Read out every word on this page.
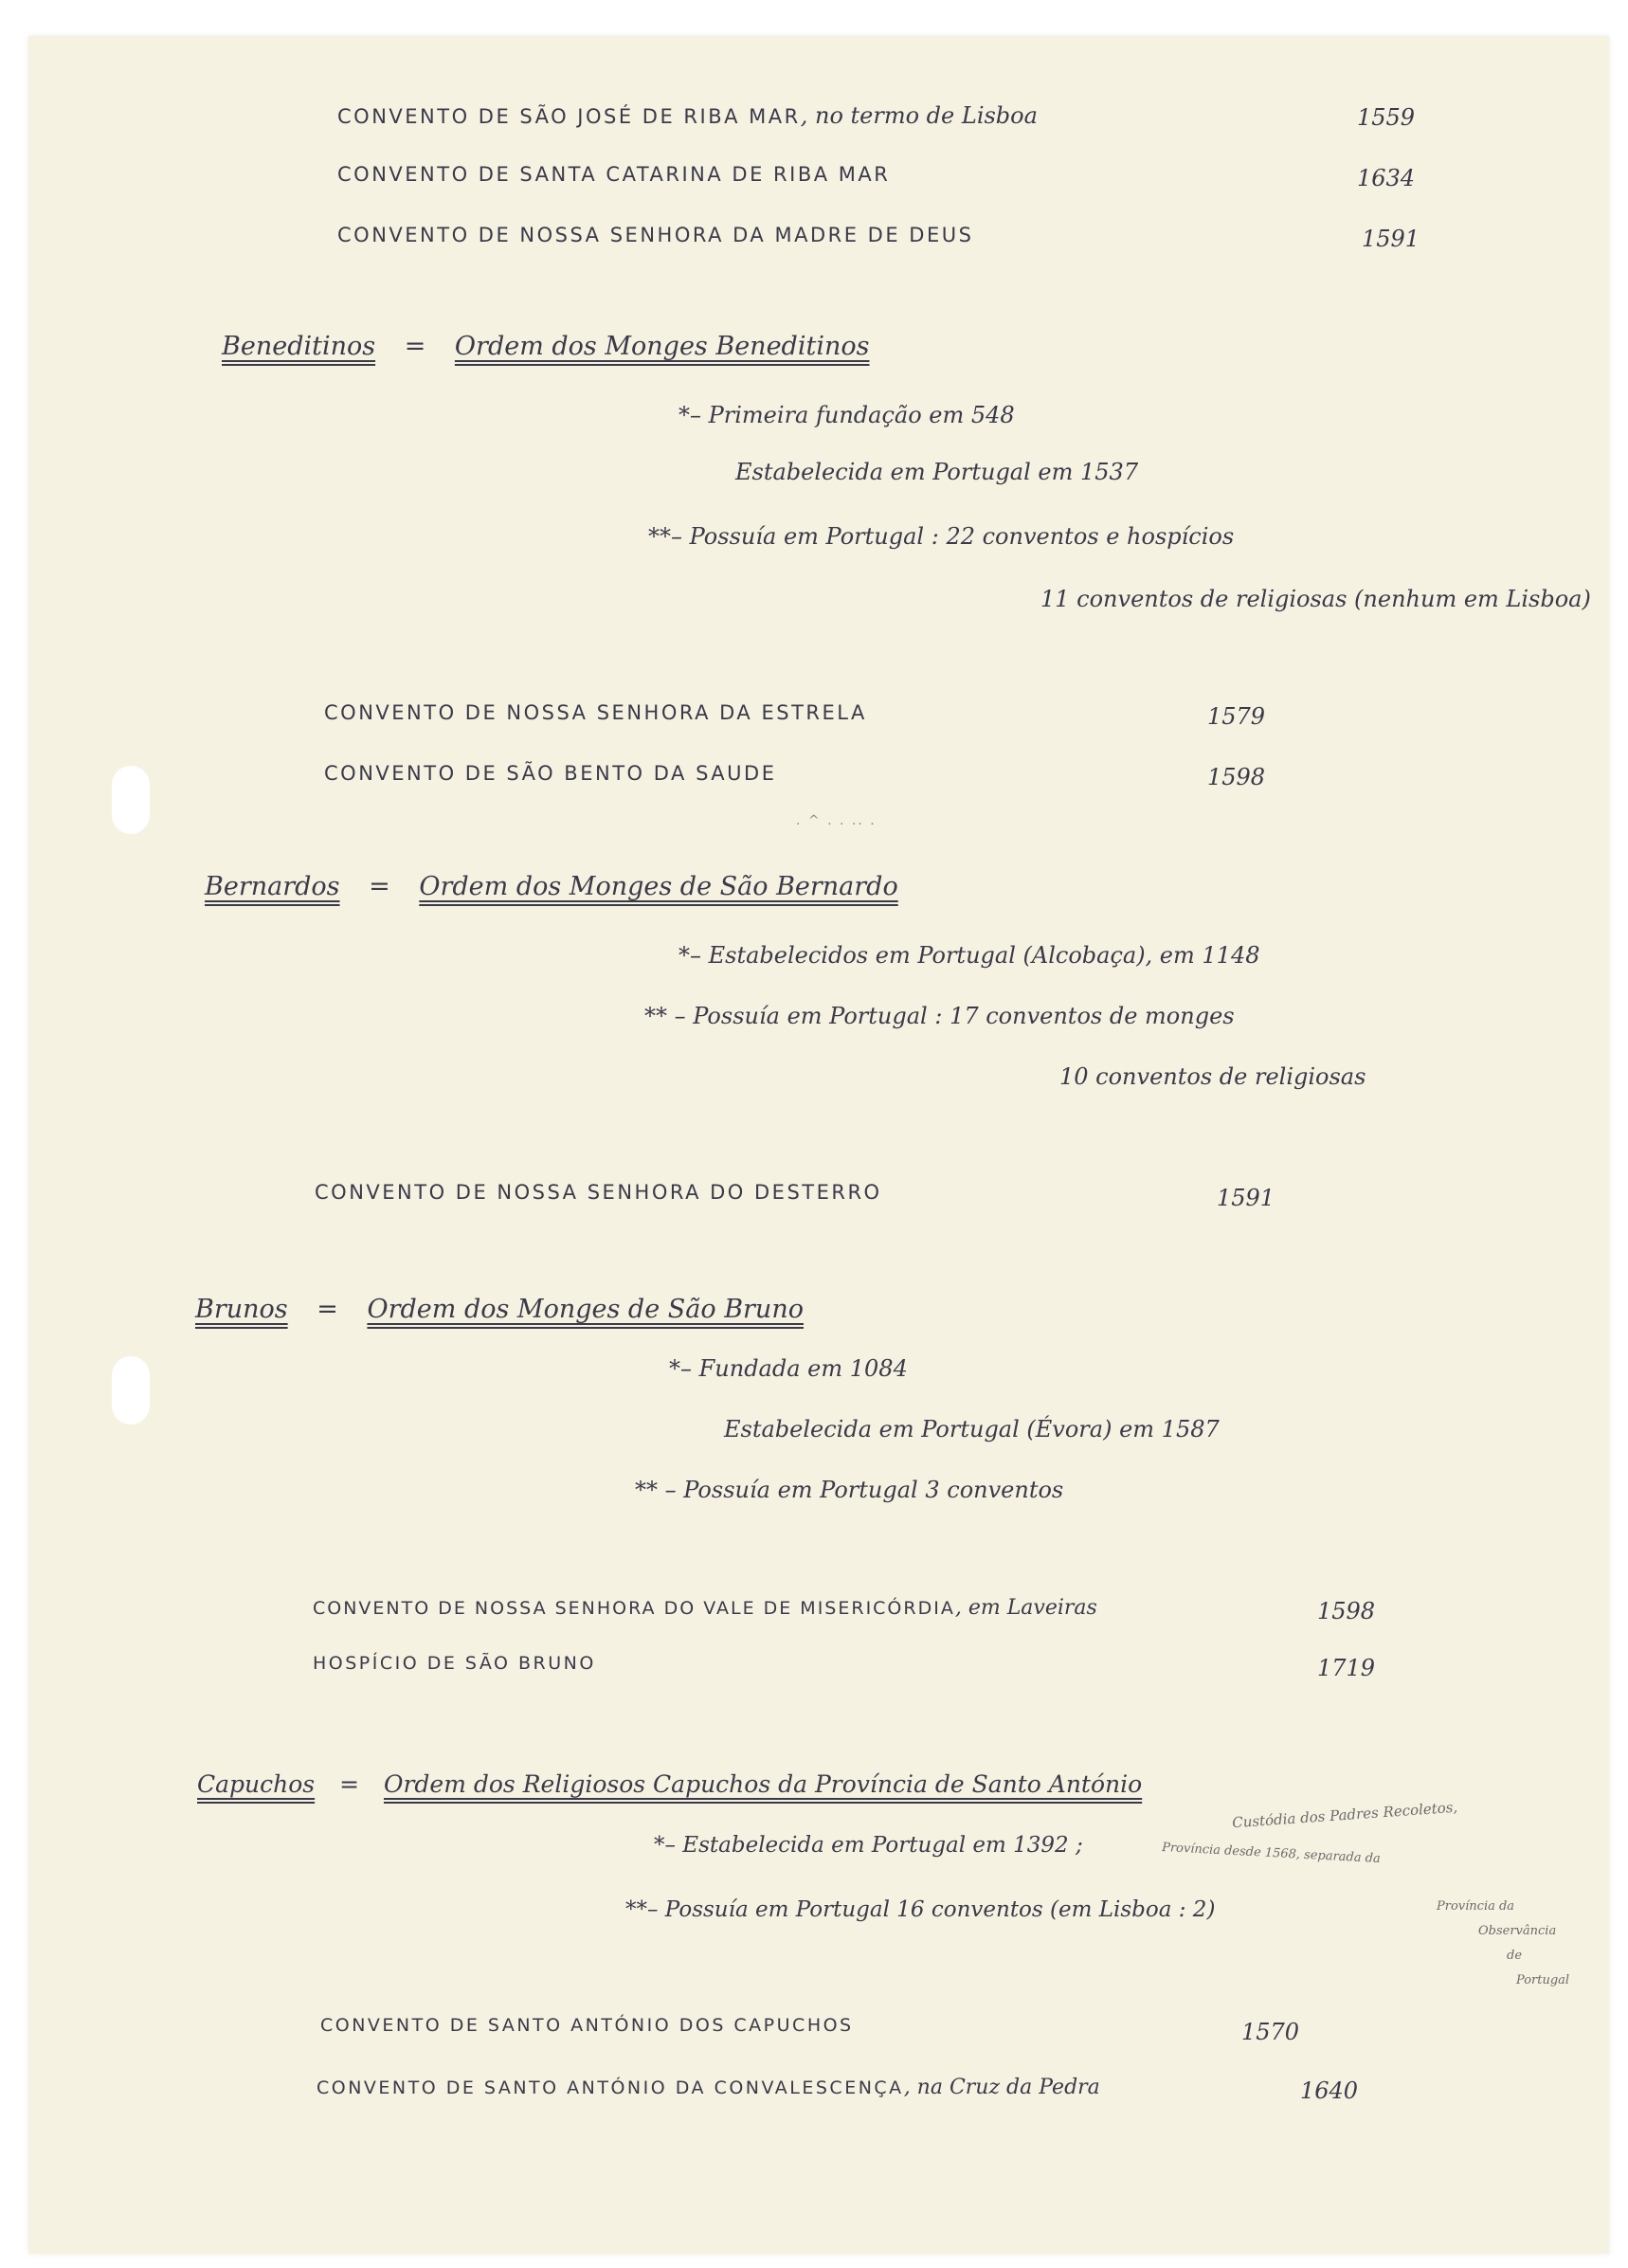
CONVENTO DE SÃO JOSÉ DE RIBA MAR, no termo de Lisboa	1559
CONVENTO DE SANTA CATARINA DE RIBA MAR	1634
CONVENTO DE NOSSA SENHORA DA MADRE DE DEUS	1591
Beneditinos = Ordem dos Monges Beneditinos
*– Primeira fundação em 548
Estabelecida em Portugal em 1537
**– Possuía em Portugal : 22 conventos e hospícios
11 conventos de religiosas (nenhum em Lisboa)
CONVENTO DE NOSSA SENHORA DA ESTRELA	1579
CONVENTO DE SÃO BENTO DA SAUDE	1598
. ^ . . .. .
Bernardos = Ordem dos Monges de São Bernardo
*– Estabelecidos em Portugal (Alcobaça), em 1148
** – Possuía em Portugal : 17 conventos de monges
10 conventos de religiosas
CONVENTO DE NOSSA SENHORA DO DESTERRO	1591
Brunos = Ordem dos Monges de São Bruno
*– Fundada em 1084
Estabelecida em Portugal (Évora) em 1587
** – Possuía em Portugal 3 conventos
CONVENTO DE NOSSA SENHORA DO VALE DE MISERICÓRDIA, em Laveiras	1598
HOSPÍCIO DE SÃO BRUNO	1719
Capuchos = Ordem dos Religiosos Capuchos da Província de Santo António
*– Estabelecida em Portugal em 1392 ;
**– Possuía em Portugal 16 conventos (em Lisboa : 2)
Custódia dos Padres Recoletos,
Província desde 1568, separada da
Província da
Observância
de
Portugal
CONVENTO DE SANTO ANTÓNIO DOS CAPUCHOS	1570
CONVENTO DE SANTO ANTÓNIO DA CONVALESCENÇA, na Cruz da Pedra	1640
